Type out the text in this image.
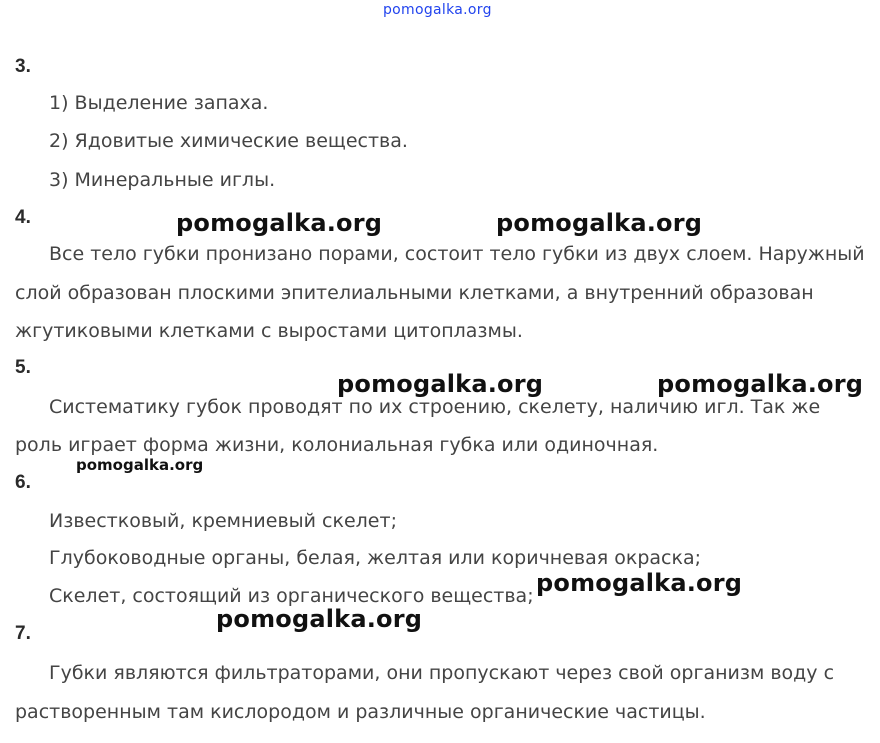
pomogalka.org
3.
1) Выделение запаха.
2) Ядовитые химические вещества.
3) Минеральные иглы.
4.	pomogalka.org	pomogalka.org
Все тело губки пронизано порами, состоит тело губки из двух слоем. Наружный
слой образован плоскими эпителиальными клетками, а внутренний образован
жгутиковыми клетками с выростами цитоплазмы.
5.
pomogalka.org	pomogalka.org
Систематику губок проводят по их строению, скелету, наличию игл. Так же
роль играет форма жизни, колониальная губка или одиночная.
pomogalka.org
6.
Известковый, кремниевый скелет;
Глубоководные органы, белая, желтая или коричневая окраска;
Скелет, состоящий из органического вещества; pomogalka.org
7.
pomogalka.org
Губки являются фильтраторами, они пропускают через свой организм воду с
растворенным там кислородом и различные органические частицы.
